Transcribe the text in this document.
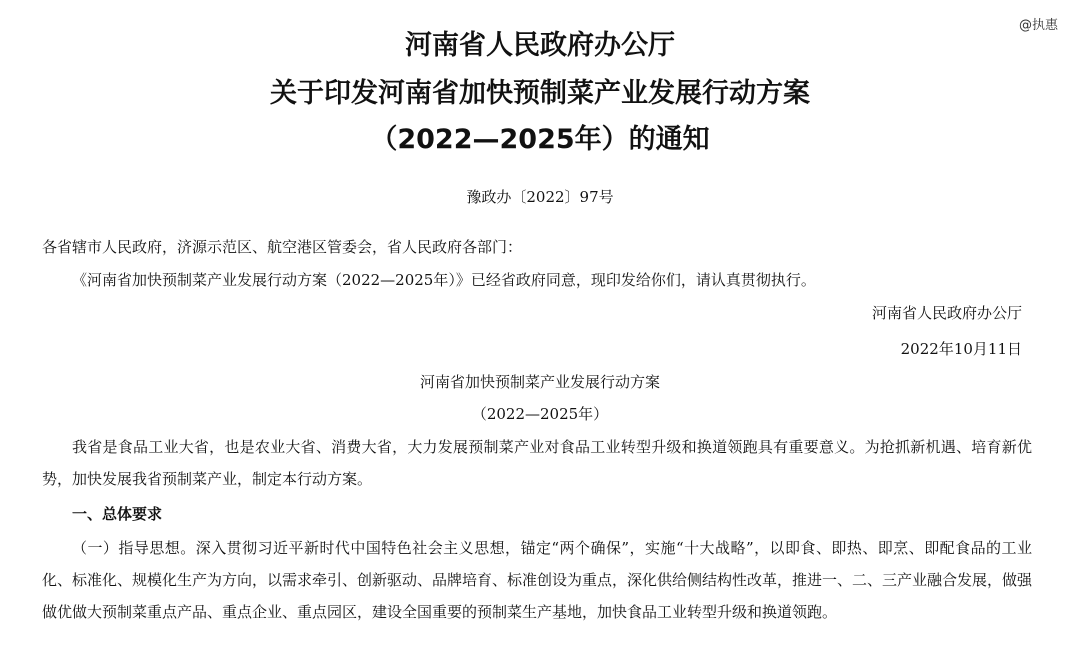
@执惠
河南省人民政府办公厅
关于印发河南省加快预制菜产业发展行动方案
（2022—2025年）的通知
豫政办〔2022〕97号
各省辖市人民政府，济源示范区、航空港区管委会，省人民政府各部门：
《河南省加快预制菜产业发展行动方案（2022—2025年）》已经省政府同意，现印发给你们，请认真贯彻执行。
河南省人民政府办公厅
2022年10月11日
河南省加快预制菜产业发展行动方案
（2022—2025年）
我省是食品工业大省，也是农业大省、消费大省，大力发展预制菜产业对食品工业转型升级和换道领跑具有重要意义。为抢抓新机遇、培育新优势，加快发展我省预制菜产业，制定本行动方案。
一、总体要求
（一）指导思想。深入贯彻习近平新时代中国特色社会主义思想，锚定“两个确保”，实施“十大战略”，以即食、即热、即烹、即配食品的工业化、标准化、规模化生产为方向，以需求牵引、创新驱动、品牌培育、标准创设为重点，深化供给侧结构性改革，推进一、二、三产业融合发展，做强做优做大预制菜重点产品、重点企业、重点园区，建设全国重要的预制菜生产基地，加快食品工业转型升级和换道领跑。
